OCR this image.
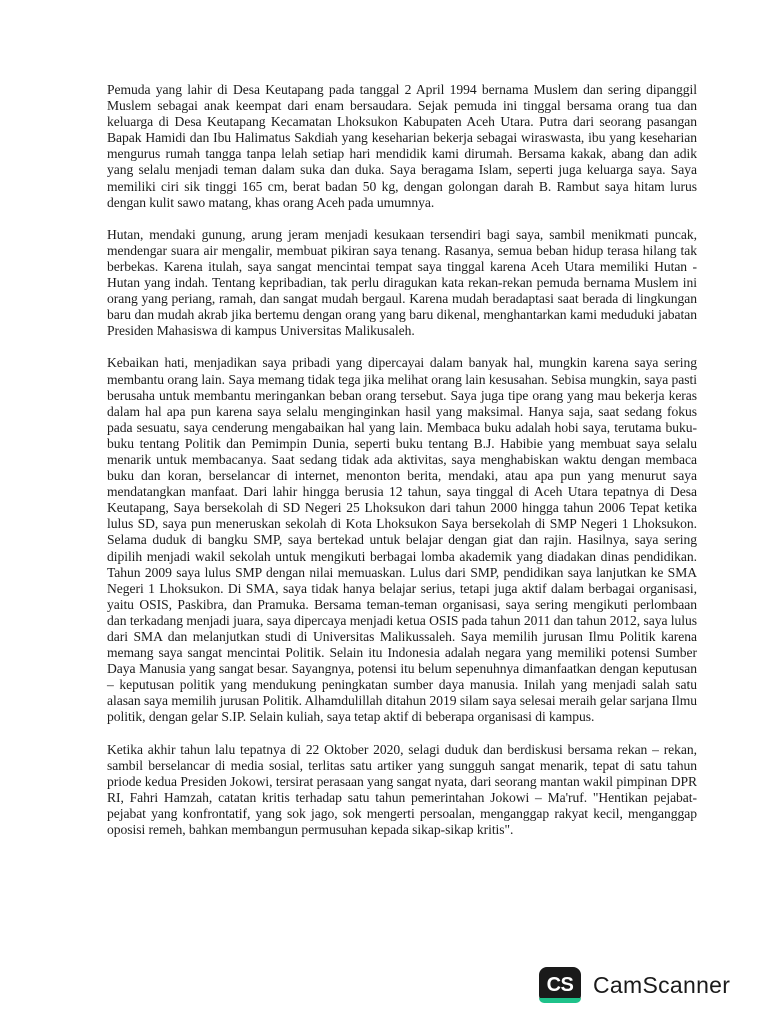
Pemuda yang lahir di Desa Keutapang pada tanggal 2 April 1994 bernama Muslem dan sering dipanggil Muslem sebagai anak keempat dari enam bersaudara. Sejak pemuda ini tinggal bersama orang tua dan keluarga di Desa Keutapang Kecamatan Lhoksukon Kabupaten Aceh Utara. Putra dari seorang pasangan Bapak Hamidi dan Ibu Halimatus Sakdiah yang keseharian bekerja sebagai wiraswasta, ibu yang keseharian mengurus rumah tangga tanpa lelah setiap hari mendidik kami dirumah. Bersama kakak, abang dan adik yang selalu menjadi teman dalam suka dan duka. Saya beragama Islam, seperti juga keluarga saya. Saya memiliki ciri sik tinggi 165 cm, berat badan 50 kg, dengan golongan darah B. Rambut saya hitam lurus dengan kulit sawo matang, khas orang Aceh pada umumnya.

Hutan, mendaki gunung, arung jeram menjadi kesukaan tersendiri bagi saya, sambil menikmati puncak, mendengar suara air mengalir, membuat pikiran saya tenang. Rasanya, semua beban hidup terasa hilang tak berbekas. Karena itulah, saya sangat mencintai tempat saya tinggal karena Aceh Utara memiliki Hutan - Hutan yang indah. Tentang kepribadian, tak perlu diragukan kata rekan-rekan pemuda bernama Muslem ini orang yang periang, ramah, dan sangat mudah bergaul. Karena mudah beradaptasi saat berada di lingkungan baru dan mudah akrab jika bertemu dengan orang yang baru dikenal, menghantarkan kami meduduki jabatan Presiden Mahasiswa di kampus Universitas Malikusaleh.

Kebaikan hati, menjadikan saya pribadi yang dipercayai dalam banyak hal, mungkin karena saya sering membantu orang lain. Saya memang tidak tega jika melihat orang lain kesusahan. Sebisa mungkin, saya pasti berusaha untuk membantu meringankan beban orang tersebut. Saya juga tipe orang yang mau bekerja keras dalam hal apa pun karena saya selalu menginginkan hasil yang maksimal. Hanya saja, saat sedang fokus pada sesuatu, saya cenderung mengabaikan hal yang lain. Membaca buku adalah hobi saya, terutama buku-buku tentang Politik dan Pemimpin Dunia, seperti buku tentang B.J. Habibie yang membuat saya selalu menarik untuk membacanya. Saat sedang tidak ada aktivitas, saya menghabiskan waktu dengan membaca buku dan koran, berselancar di internet, menonton berita, mendaki, atau apa pun yang menurut saya mendatangkan manfaat. Dari lahir hingga berusia 12 tahun, saya tinggal di Aceh Utara tepatnya di Desa Keutapang, Saya bersekolah di SD Negeri 25 Lhoksukon dari tahun 2000 hingga tahun 2006 Tepat ketika lulus SD, saya pun meneruskan sekolah di Kota Lhoksukon Saya bersekolah di SMP Negeri 1 Lhoksukon. Selama duduk di bangku SMP, saya bertekad untuk belajar dengan giat dan rajin. Hasilnya, saya sering dipilih menjadi wakil sekolah untuk mengikuti berbagai lomba akademik yang diadakan dinas pendidikan. Tahun 2009 saya lulus SMP dengan nilai memuaskan. Lulus dari SMP, pendidikan saya lanjutkan ke SMA Negeri 1 Lhoksukon. Di SMA, saya tidak hanya belajar serius, tetapi juga aktif dalam berbagai organisasi, yaitu OSIS, Paskibra, dan Pramuka. Bersama teman-teman organisasi, saya sering mengikuti perlombaan dan terkadang menjadi juara, saya dipercaya menjadi ketua OSIS pada tahun 2011 dan tahun 2012, saya lulus dari SMA dan melanjutkan studi di Universitas Malikussaleh. Saya memilih jurusan Ilmu Politik karena memang saya sangat mencintai Politik. Selain itu Indonesia adalah negara yang memiliki potensi Sumber Daya Manusia yang sangat besar. Sayangnya, potensi itu belum sepenuhnya dimanfaatkan dengan keputusan – keputusan politik yang mendukung peningkatan sumber daya manusia. Inilah yang menjadi salah satu alasan saya memilih jurusan Politik. Alhamdulillah ditahun 2019 silam saya selesai meraih gelar sarjana Ilmu politik, dengan gelar S.IP. Selain kuliah, saya tetap aktif di beberapa organisasi di kampus.

Ketika akhir tahun lalu tepatnya di 22 Oktober 2020, selagi duduk dan berdiskusi bersama rekan – rekan, sambil berselancar di media sosial, terlitas satu artiker yang sungguh sangat menarik, tepat di satu tahun priode kedua Presiden Jokowi, tersirat perasaan yang sangat nyata, dari seorang mantan wakil pimpinan DPR RI, Fahri Hamzah, catatan kritis terhadap satu tahun pemerintahan Jokowi – Ma'ruf. "Hentikan pejabat-pejabat yang konfrontatif, yang sok jago, sok mengerti persoalan, menganggap rakyat kecil, menganggap oposisi remeh, bahkan membangun permusuhan kepada sikap-sikap kritis".

CS CamScanner
